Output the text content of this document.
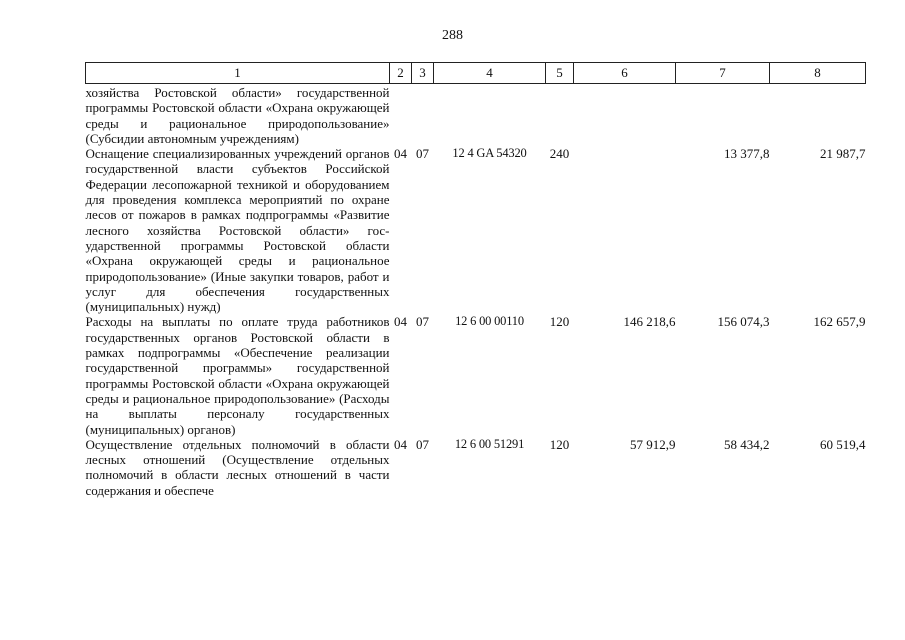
288
1	2	3	4	5	6	7	8
хозяйства Ростовской области» государственной программы Ростовской области «Охрана окружающей среды и рациональное природопользование» (Субсидии автономным учреждениям)							
Оснащение специализированных учреждений органов государственной власти субъектов Российской Федерации лесопожарной техникой и оборудованием для проведения комплекса мероприятий по охране лесов от пожаров в рамках подпрограммы «Развитие лесного хозяйства Ростовской области» государственной программы Ростовской области «Охрана окружающей среды и рациональное природопользование» (Иные закупки товаров, работ и услуг для обеспечения государственных (муниципальных) нужд)	04	07	12 4 GA 54320	240		13 377,8	21 987,7
Расходы на выплаты по оплате труда работников государственных органов Ростовской области в рамках подпрограммы «Обеспечение реализации государственной программы» государственной программы Ростовской области «Охрана окружающей среды и рациональное природопользование» (Расходы на выплаты персоналу государственных (муниципальных) органов)	04	07	12 6 00 00110	120	146 218,6	156 074,3	162 657,9
Осуществление отдельных полномочий в области лесных отношений (Осуществление отдельных полномочий в области лесных отношений в части содержания и обеспече	04	07	12 6 00 51291	120	57 912,9	58 434,2	60 519,4
